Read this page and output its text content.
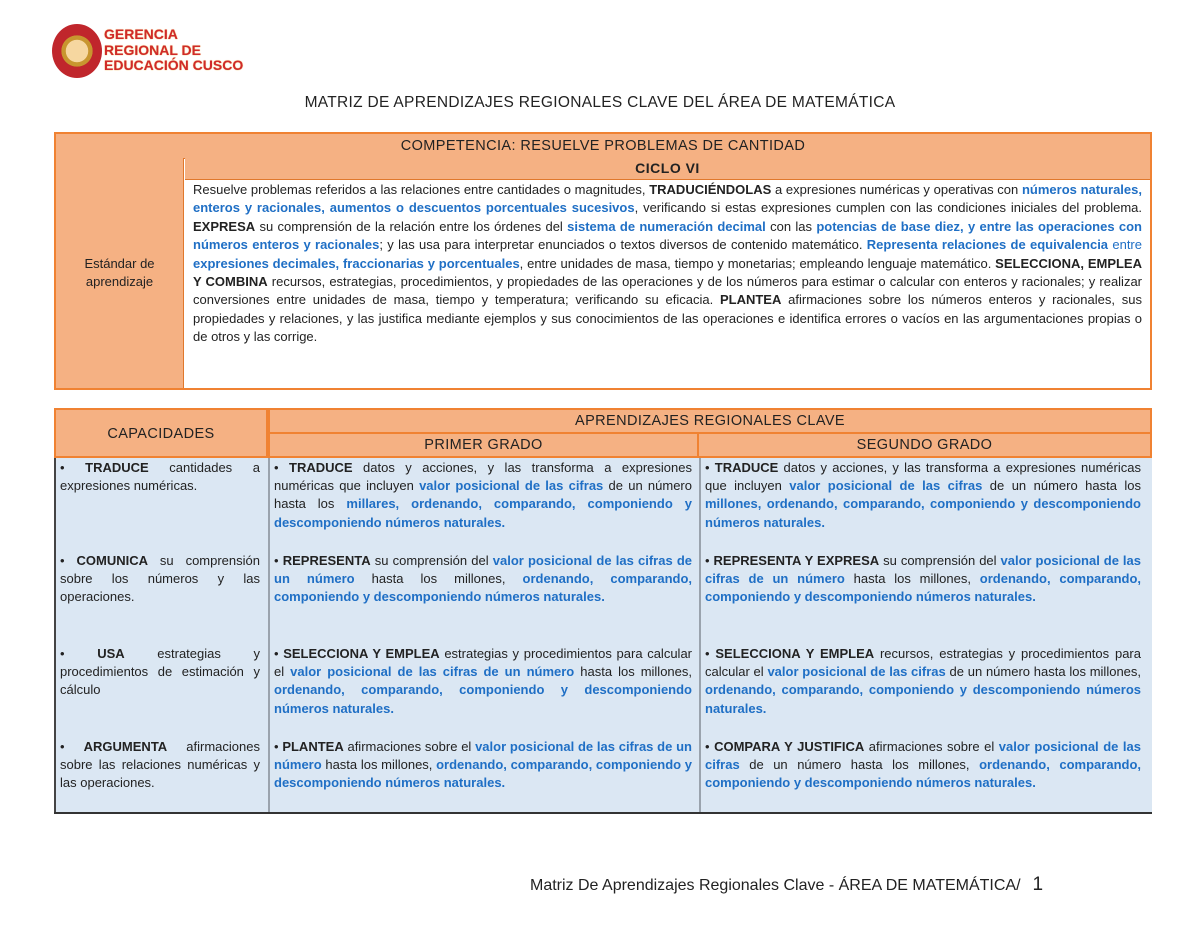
GERENCIA
REGIONAL DE
EDUCACIÓN CUSCO
MATRIZ DE APRENDIZAJES REGIONALES CLAVE DEL ÁREA DE MATEMÁTICA
COMPETENCIA: RESUELVE PROBLEMAS DE CANTIDAD
Estándar de aprendizaje
CICLO VI
Resuelve problemas referidos a las relaciones entre cantidades o magnitudes, TRADUCIÉNDOLAS a expresiones numéricas y operativas con números naturales, enteros y racionales, aumentos o descuentos porcentuales sucesivos, verificando si estas expresiones cumplen con las condiciones iniciales del problema. EXPRESA su comprensión de la relación entre los órdenes del sistema de numeración decimal con las potencias de base diez, y entre las operaciones con números enteros y racionales; y las usa para interpretar enunciados o textos diversos de contenido matemático. Representa relaciones de equivalencia entre expresiones decimales, fraccionarias y porcentuales, entre unidades de masa, tiempo y monetarias; empleando lenguaje matemático. SELECCIONA, EMPLEA Y COMBINA recursos, estrategias, procedimientos, y propiedades de las operaciones y de los números para estimar o calcular con enteros y racionales; y realizar conversiones entre unidades de masa, tiempo y temperatura; verificando su eficacia. PLANTEA afirmaciones sobre los números enteros y racionales, sus propiedades y relaciones, y las justifica mediante ejemplos y sus conocimientos de las operaciones e identifica errores o vacíos en las argumentaciones propias o de otros y las corrige.
CAPACIDADES
APRENDIZAJES REGIONALES CLAVE
PRIMER GRADO	SEGUNDO GRADO
• TRADUCE cantidades a expresiones numéricas.
• TRADUCE datos y acciones, y las transforma a expresiones numéricas que incluyen valor posicional de las cifras de un número hasta los millares, ordenando, comparando, componiendo y descomponiendo números naturales.
• TRADUCE datos y acciones, y las transforma a expresiones numéricas que incluyen valor posicional de las cifras de un número hasta los millones, ordenando, comparando, componiendo y descomponiendo números naturales.
• COMUNICA su comprensión sobre los números y las operaciones.
• REPRESENTA su comprensión del valor posicional de las cifras de un número hasta los millones, ordenando, comparando, componiendo y descomponiendo números naturales.
• REPRESENTA Y EXPRESA su comprensión del valor posicional de las cifras de un número hasta los millones, ordenando, comparando, componiendo y descomponiendo números naturales.
• USA estrategias y procedimientos de estimación y cálculo
• SELECCIONA Y EMPLEA estrategias y procedimientos para calcular el valor posicional de las cifras de un número hasta los millones, ordenando, comparando, componiendo y descomponiendo números naturales.
• SELECCIONA Y EMPLEA recursos, estrategias y procedimientos para calcular el valor posicional de las cifras de un número hasta los millones, ordenando, comparando, componiendo y descomponiendo números naturales.
• ARGUMENTA afirmaciones sobre las relaciones numéricas y las operaciones.
• PLANTEA afirmaciones sobre el valor posicional de las cifras de un número hasta los millones, ordenando, comparando, componiendo y descomponiendo números naturales.
• COMPARA Y JUSTIFICA afirmaciones sobre el valor posicional de las cifras de un número hasta los millones, ordenando, comparando, componiendo y descomponiendo números naturales.
Matriz De Aprendizajes Regionales Clave - ÁREA DE MATEMÁTICA/ 1
